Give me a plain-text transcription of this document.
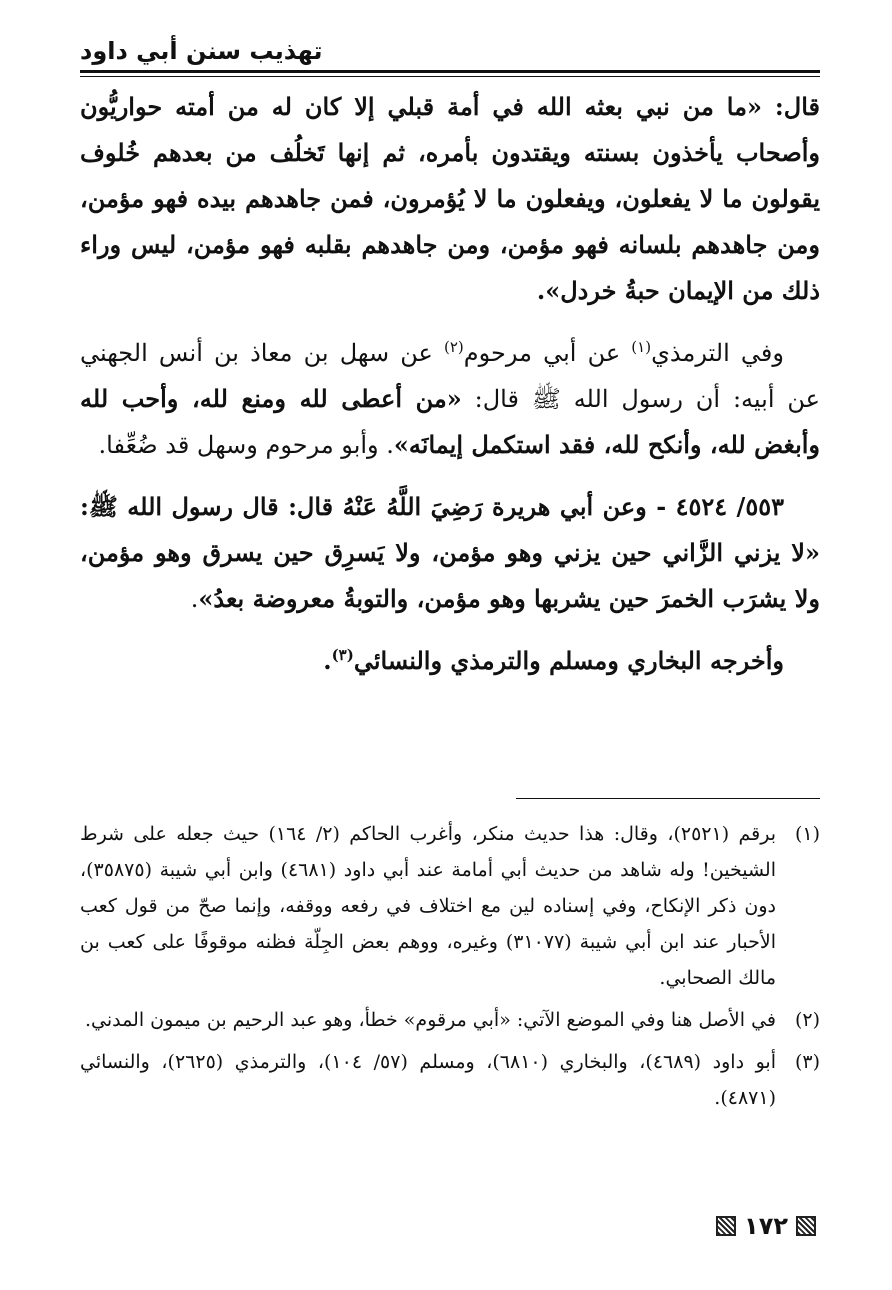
تهذيب سنن أبي داود

قال: «ما من نبي بعثه الله في أمة قبلي إلا كان له من أمته حواريُّون وأصحاب يأخذون بسنته ويقتدون بأمره، ثم إنها تَخلُف من بعدهم خُلوف يقولون ما لا يفعلون، ويفعلون ما لا يُؤمرون، فمن جاهدهم بيده فهو مؤمن، ومن جاهدهم بلسانه فهو مؤمن، ومن جاهدهم بقلبه فهو مؤمن، ليس وراء ذلك من الإيمان حبةُ خردل».

وفي الترمذي$^{(١)}$ عن أبي مرحوم$^{(٢)}$ عن سهل بن معاذ بن أنس الجهني عن أبيه: أن رسول الله ﷺ قال: «من أعطى لله ومنع لله، وأحب لله وأبغض لله، وأنكح لله، فقد استكمل إيمانَه». وأبو مرحوم وسهل قد ضُعِّفا.

٥٥٣/ ٤٥٢٤ - وعن أبي هريرة رَضِيَ اللَّهُ عَنْهُ قال: قال رسول الله ﷺ: «لا يزني الزَّاني حين يزني وهو مؤمن، ولا يَسرِق حين يسرق وهو مؤمن، ولا يشرَب الخمرَ حين يشربها وهو مؤمن، والتوبةُ معروضة بعدُ».

وأخرجه البخاري ومسلم والترمذي والنسائي$^{(٣)}$.

(١)
برقم (٢٥٢١)، وقال: هذا حديث منكر، وأغرب الحاكم (٢/ ١٦٤) حيث جعله على شرط الشيخين! وله شاهد من حديث أبي أمامة عند أبي داود (٤٦٨١) وابن أبي شيبة (٣٥٨٧٥)، دون ذكر الإنكاح، وفي إسناده لين مع اختلاف في رفعه ووقفه، وإنما صحّ من قول كعب الأحبار عند ابن أبي شيبة (٣١٠٧٧) وغيره، ووهم بعض الجِلّة فظنه موقوفًا على كعب بن مالك الصحابي.
(٢)
في الأصل هنا وفي الموضع الآتي: «أبي مرقوم» خطأ، وهو عبد الرحيم بن ميمون المدني.
(٣)
أبو داود (٤٦٨٩)، والبخاري (٦٨١٠)، ومسلم (٥٧/ ١٠٤)، والترمذي (٢٦٢٥)، والنسائي (٤٨٧١).
١٧٢
